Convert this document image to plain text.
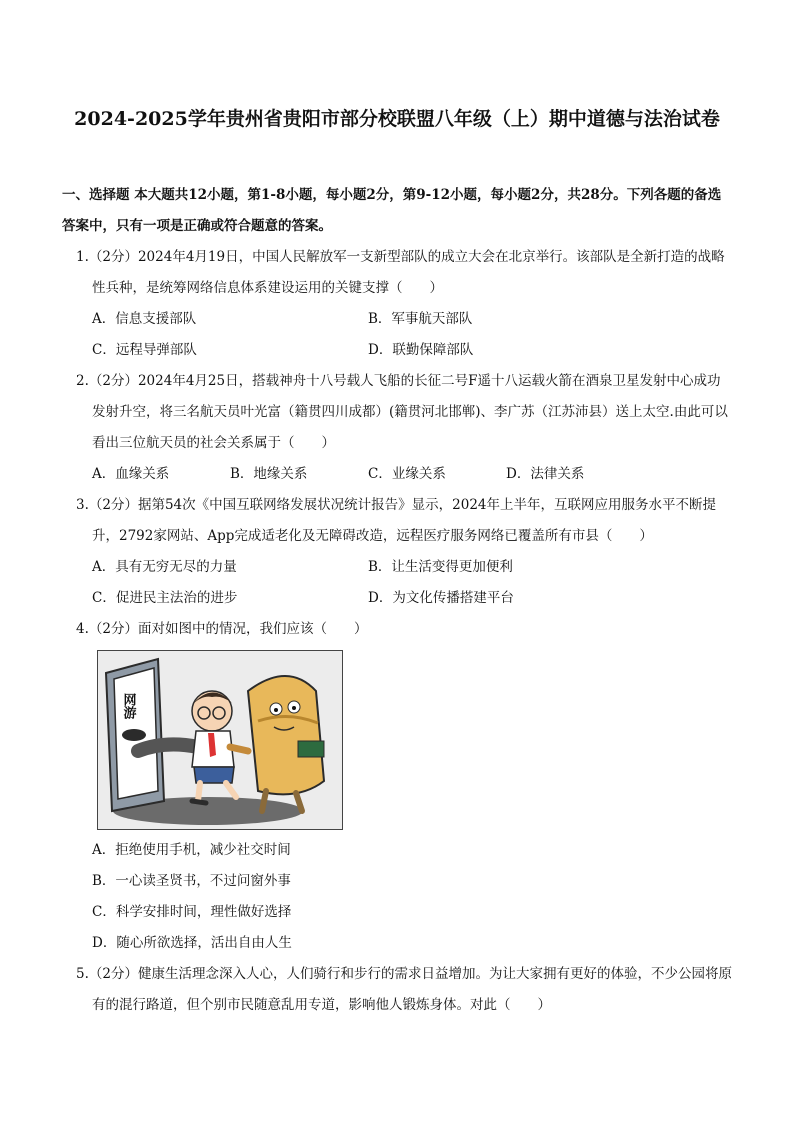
2024-2025学年贵州省贵阳市部分校联盟八年级（上）期中道德与法治试卷
一、选择题 本大题共12小题，第1-8小题，每小题2分，第9-12小题，每小题2分，共28分。下列各题的备选答案中，只有一项是正确或符合题意的答案。
1.（2分）2024年4月19日，中国人民解放军一支新型部队的成立大会在北京举行。该部队是全新打造的战略性兵种，是统筹网络信息体系建设运用的关键支撑（　　）
A．信息支援部队	B．军事航天部队
C．远程导弹部队	D．联勤保障部队
2.（2分）2024年4月25日，搭载神舟十八号载人飞船的长征二号F遥十八运载火箭在酒泉卫星发射中心成功发射升空，将三名航天员叶光富（籍贯四川成都）(籍贯河北邯郸)、李广苏（江苏沛县）送上太空.由此可以看出三位航天员的社会关系属于（　　）
A．血缘关系	B．地缘关系	C．业缘关系	D．法律关系
3.（2分）据第54次《中国互联网络发展状况统计报告》显示，2024年上半年，互联网应用服务水平不断提升，2792家网站、App完成适老化及无障碍改造，远程医疗服务网络已覆盖所有市县（　　）
A．具有无穷无尽的力量	B．让生活变得更加便利
C．促进民主法治的进步	D．为文化传播搭建平台
4.（2分）面对如图中的情况，我们应该（　　）
网游
A．拒绝使用手机，减少社交时间
B．一心读圣贤书，不过问窗外事
C．科学安排时间，理性做好选择
D．随心所欲选择，活出自由人生
5.（2分）健康生活理念深入人心，人们骑行和步行的需求日益增加。为让大家拥有更好的体验，不少公园将原有的混行路道，但个别市民随意乱用专道，影响他人锻炼身体。对此（　　）
